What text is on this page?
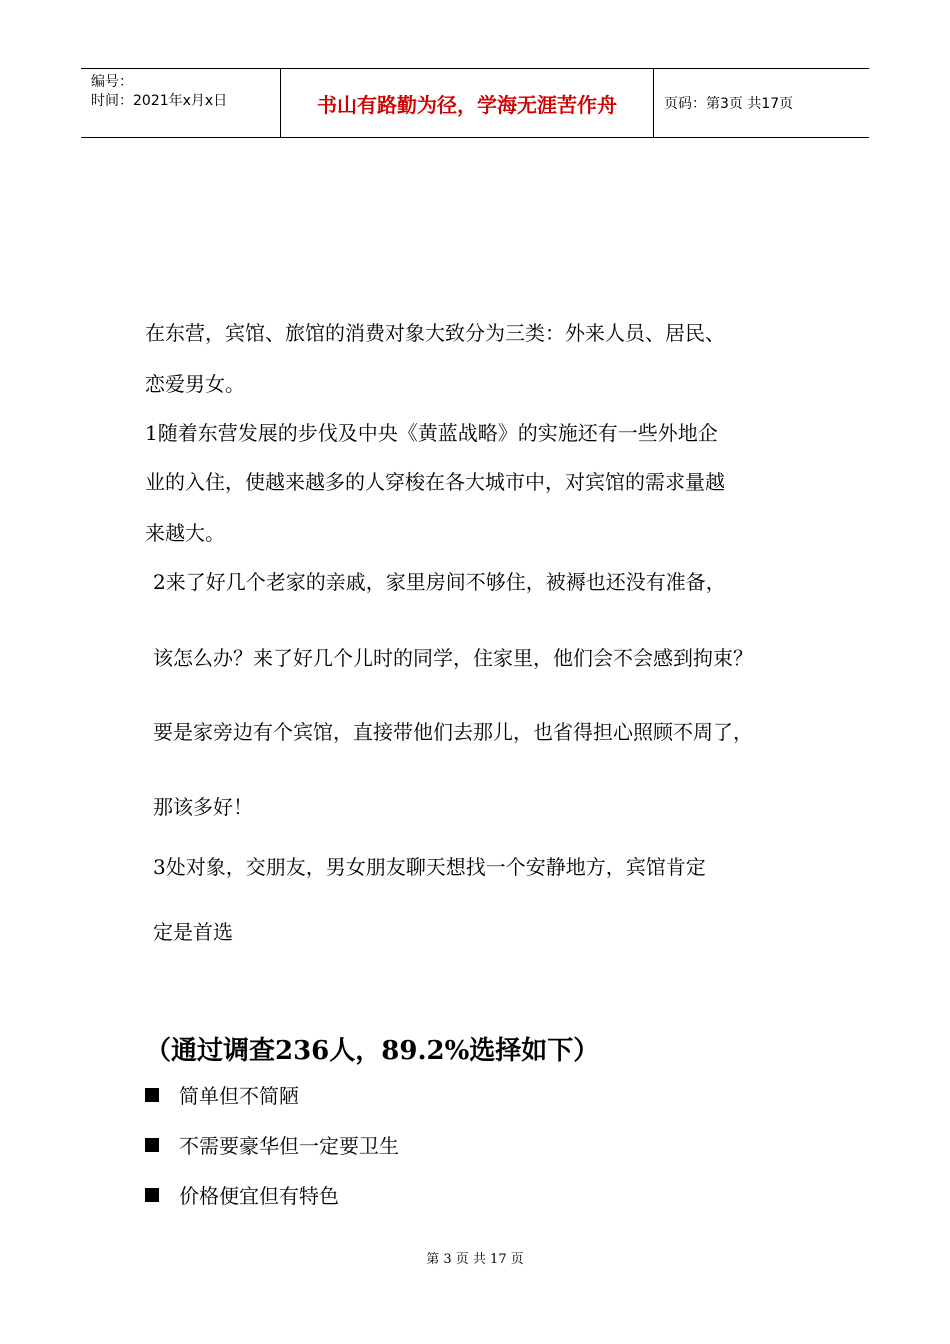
编号：
时间：2021年x月x日	书山有路勤为径，学海无涯苦作舟	页码：第3页 共17页
在东营，宾馆、旅馆的消费对象大致分为三类：外来人员、居民、
恋爱男女。
1随着东营发展的步伐及中央《黄蓝战略》的实施还有一些外地企
业的入住，使越来越多的人穿梭在各大城市中，对宾馆的需求量越
来越大。
2来了好几个老家的亲戚，家里房间不够住，被褥也还没有准备，
该怎么办？来了好几个儿时的同学，住家里，他们会不会感到拘束？
要是家旁边有个宾馆，直接带他们去那儿，也省得担心照顾不周了，
那该多好！
3处对象，交朋友，男女朋友聊天想找一个安静地方，宾馆肯定
定是首选
（通过调查236人，89.2%选择如下）
简单但不简陋
不需要豪华但一定要卫生
价格便宜但有特色
第 3 页 共 17 页
